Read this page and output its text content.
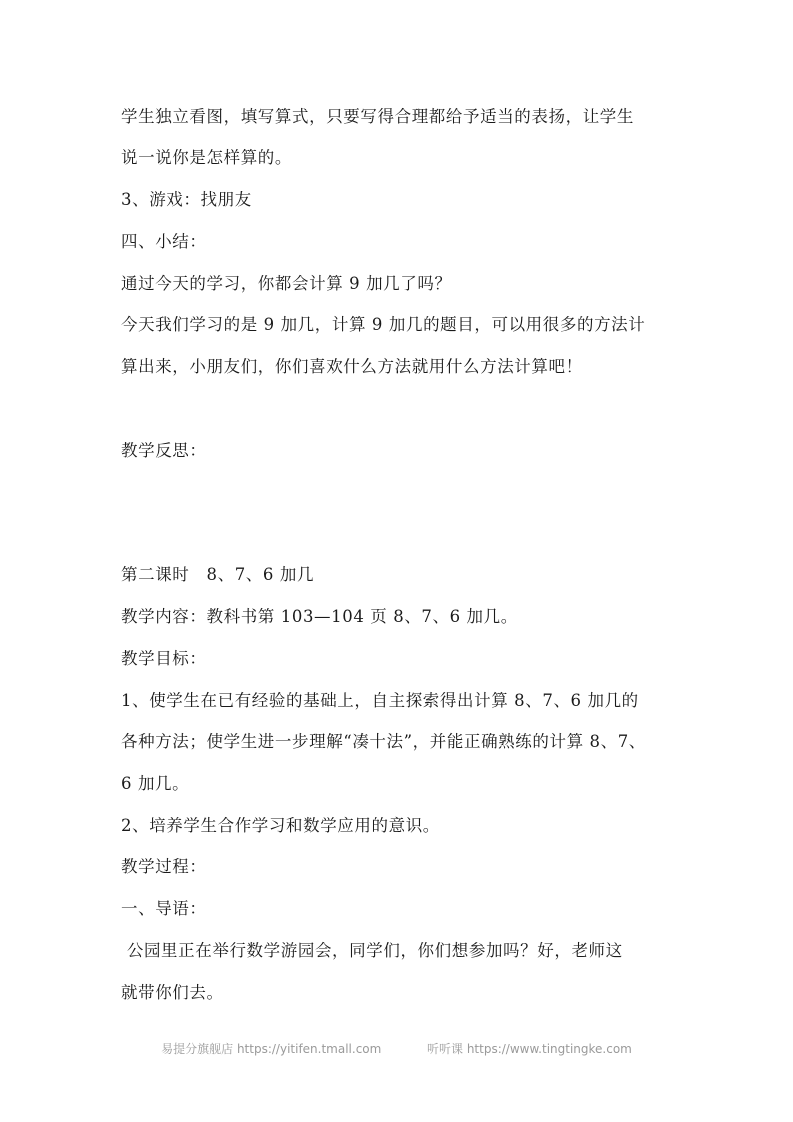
学生独立看图，填写算式，只要写得合理都给予适当的表扬，让学生
说一说你是怎样算的。
3、游戏：找朋友
四、小结：
通过今天的学习，你都会计算 9 加几了吗？
今天我们学习的是 9 加几，计算 9 加几的题目，可以用很多的方法计
算出来，小朋友们，你们喜欢什么方法就用什么方法计算吧！
教学反思：
第二课时　8、7、6 加几
教学内容：教科书第 103—104 页 8、7、6 加几。
教学目标：
1、使学生在已有经验的基础上，自主探索得出计算 8、7、6 加几的
各种方法；使学生进一步理解“凑十法”，并能正确熟练的计算 8、7、
6 加几。
2、培养学生合作学习和数学应用的意识。
教学过程：
一、导语：
公园里正在举行数学游园会，同学们，你们想参加吗？好，老师这
就带你们去。
易提分旗舰店 https://yitifen.tmall.com	听听课 https://www.tingtingke.com
